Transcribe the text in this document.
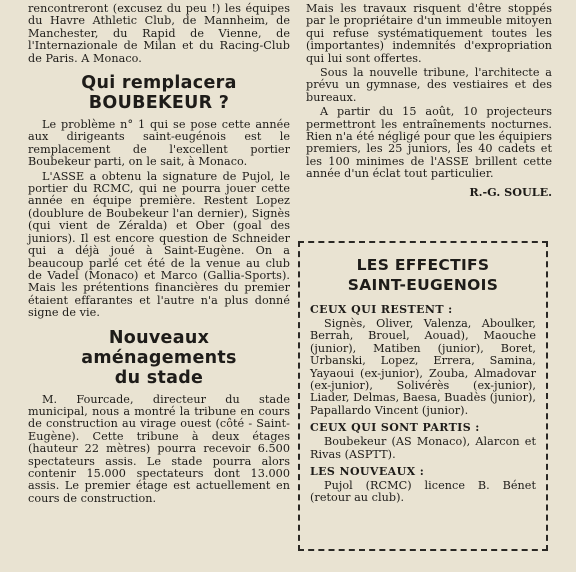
rencontreront (excusez du peu !) les équipes du Havre Athletic Club, de Mannheim, de Manchester, du Rapid de Vienne, de l'Internazionale de Milan et du Racing-Club de Paris. A Monaco.

Qui remplacera

BOUBEKEUR ?

Le problème n° 1 qui se pose cette année aux dirigeants saint-eugénois est le remplacement de l'excellent portier Boubekeur parti, on le sait, à Monaco.

L'ASSE a obtenu la signature de Pujol, le portier du RCMC, qui ne pourra jouer cette année en équipe première. Restent Lopez (doublure de Boubekeur l'an dernier), Signès (qui vient de Zéralda) et Ober (goal des juniors). Il est encore question de Schneider qui a déjà joué à Saint-Eugène. On a beaucoup parlé cet été de la venue au club de Vadel (Monaco) et Marco (Gallia-Sports). Mais les prétentions financières du premier étaient effarantes et l'autre n'a plus donné signe de vie.

Nouveaux aménagements

du stade

M. Fourcade, directeur du stade municipal, nous a montré la tribune en cours de construction au virage ouest (côté - Saint-Eugène). Cette tribune à deux étages (hauteur 22 mètres) pourra recevoir 6.500 spectateurs assis. Le stade pourra alors contenir 15.000 spectateurs dont 13.000 assis. Le premier étage est actuellement en cours de construction.

Mais les travaux risquent d'être stoppés par le propriétaire d'un immeuble mitoyen qui refuse systématiquement toutes les (importantes) indemnités d'expropriation qui lui sont offertes.

Sous la nouvelle tribune, l'architecte a prévu un gymnase, des vestiaires et des bureaux.

A partir du 15 août, 10 projecteurs permettront les entraînements nocturnes. Rien n'a été négligé pour que les équipiers premiers, les 25 juniors, les 40 cadets et les 100 minimes de l'ASSE brillent cette année d'un éclat tout particulier.

R.-G. SOULE.

LES EFFECTIFS
SAINT-EUGENOIS

CEUX QUI RESTENT :

Signès, Oliver, Valenza, Aboulker, Berrah, Brouel, Aouad), Maouche (junior), Matiben (junior), Boret, Urbanski, Lopez, Errera, Samina, Yayaoui (ex-junior), Zouba, Almadovar (ex-junior), Solivérès (ex-junior), Liader, Delmas, Baesa, Buadès (junior), Papallardo Vincent (junior).

CEUX QUI SONT PARTIS :

Boubekeur (AS Monaco), Alarcon et Rivas (ASPTT).

LES NOUVEAUX :

Pujol (RCMC) licence B. Bénet (retour au club).
